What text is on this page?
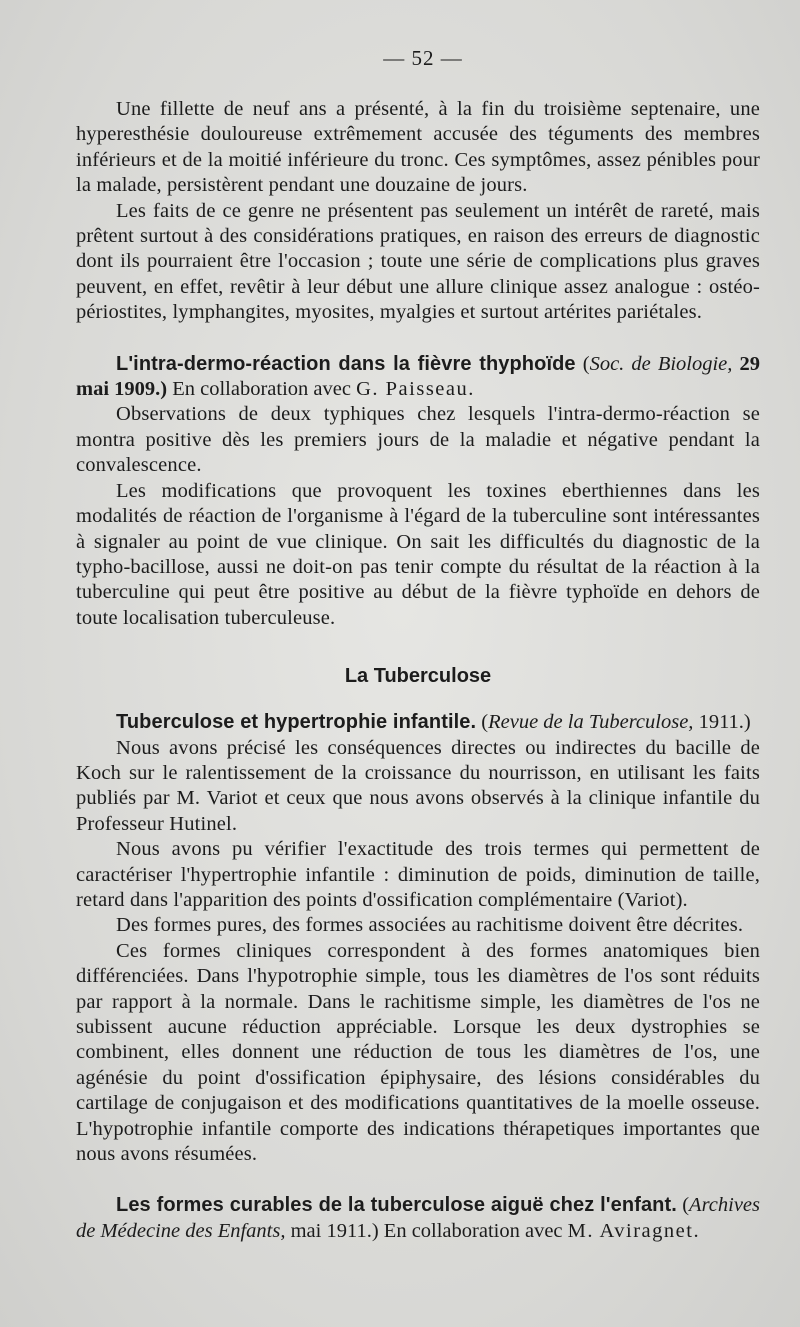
— 52 —

Une fillette de neuf ans a présenté, à la fin du troisième septenaire, une hyperesthésie douloureuse extrêmement accusée des téguments des membres inférieurs et de la moitié inférieure du tronc. Ces symptômes, assez pénibles pour la malade, persistèrent pendant une douzaine de jours.

Les faits de ce genre ne présentent pas seulement un intérêt de rareté, mais prêtent surtout à des considérations pratiques, en raison des erreurs de diagnostic dont ils pourraient être l'occasion ; toute une série de complications plus graves peuvent, en effet, revêtir à leur début une allure clinique assez analogue : ostéo-périostites, lymphangites, myosites, myalgies et surtout artérites pariétales.

L'intra-dermo-réaction dans la fièvre thyphoïde (Soc. de Biologie, 29 mai 1909.) En collaboration avec G. Paisseau.

Observations de deux typhiques chez lesquels l'intra-dermo-réaction se montra positive dès les premiers jours de la maladie et négative pendant la convalescence.

Les modifications que provoquent les toxines eberthiennes dans les modalités de réaction de l'organisme à l'égard de la tuberculine sont intéressantes à signaler au point de vue clinique. On sait les difficultés du diagnostic de la typho-bacillose, aussi ne doit-on pas tenir compte du résultat de la réaction à la tuberculine qui peut être positive au début de la fièvre typhoïde en dehors de toute localisation tuberculeuse.

La Tuberculose
Tuberculose et hypertrophie infantile. (Revue de la Tuberculose, 1911.)

Nous avons précisé les conséquences directes ou indirectes du bacille de Koch sur le ralentissement de la croissance du nourrisson, en utilisant les faits publiés par M. Variot et ceux que nous avons observés à la clinique infantile du Professeur Hutinel.

Nous avons pu vérifier l'exactitude des trois termes qui permettent de caractériser l'hypertrophie infantile : diminution de poids, diminution de taille, retard dans l'apparition des points d'ossification complémentaire (Variot).

Des formes pures, des formes associées au rachitisme doivent être décrites.

Ces formes cliniques correspondent à des formes anatomiques bien différenciées. Dans l'hypotrophie simple, tous les diamètres de l'os sont réduits par rapport à la normale. Dans le rachitisme simple, les diamètres de l'os ne subissent aucune réduction appréciable. Lorsque les deux dystrophies se combinent, elles donnent une réduction de tous les diamètres de l'os, une agénésie du point d'ossification épiphysaire, des lésions considérables du cartilage de conjugaison et des modifications quantitatives de la moelle osseuse. L'hypotrophie infantile comporte des indications thérapetiques importantes que nous avons résumées.

Les formes curables de la tuberculose aiguë chez l'enfant. (Archives de Médecine des Enfants, mai 1911.) En collaboration avec M. Aviragnet.
